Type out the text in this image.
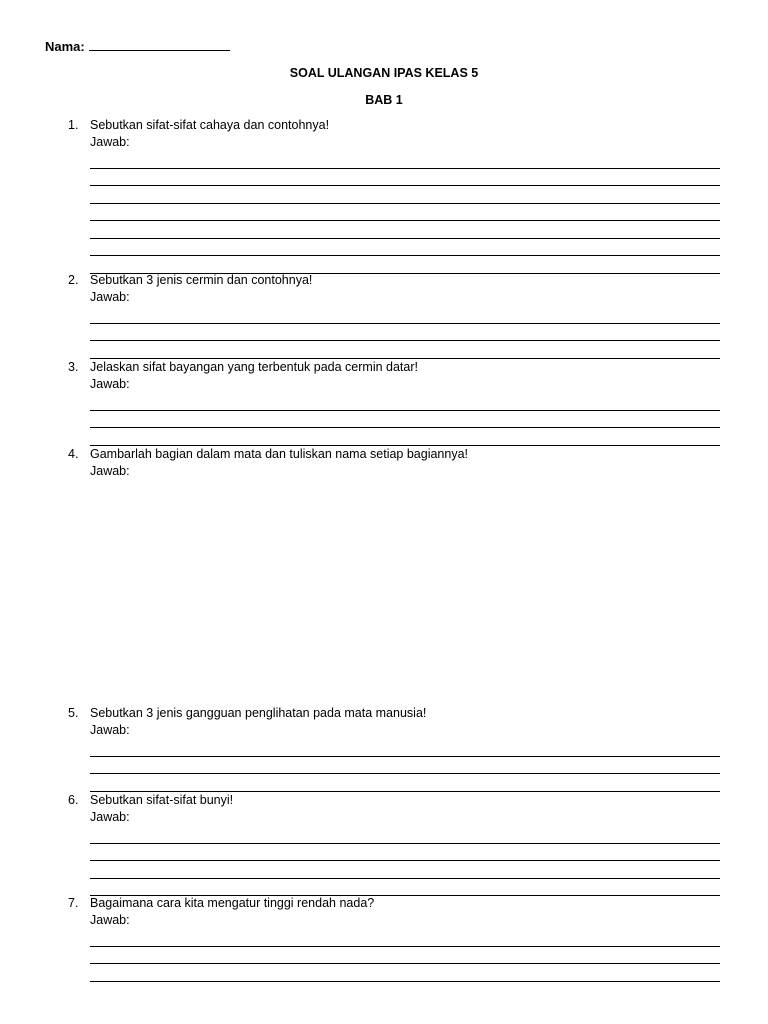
Nama:
SOAL ULANGAN IPAS KELAS 5
BAB 1
1. Sebutkan sifat-sifat cahaya dan contohnya!
Jawab:
2. Sebutkan 3 jenis cermin dan contohnya!
Jawab:
3. Jelaskan sifat bayangan yang terbentuk pada cermin datar!
Jawab:
4. Gambarlah bagian dalam mata dan tuliskan nama setiap bagiannya!
Jawab:
5. Sebutkan 3 jenis gangguan penglihatan pada mata manusia!
Jawab:
6. Sebutkan sifat-sifat bunyi!
Jawab:
7. Bagaimana cara kita mengatur tinggi rendah nada?
Jawab:
